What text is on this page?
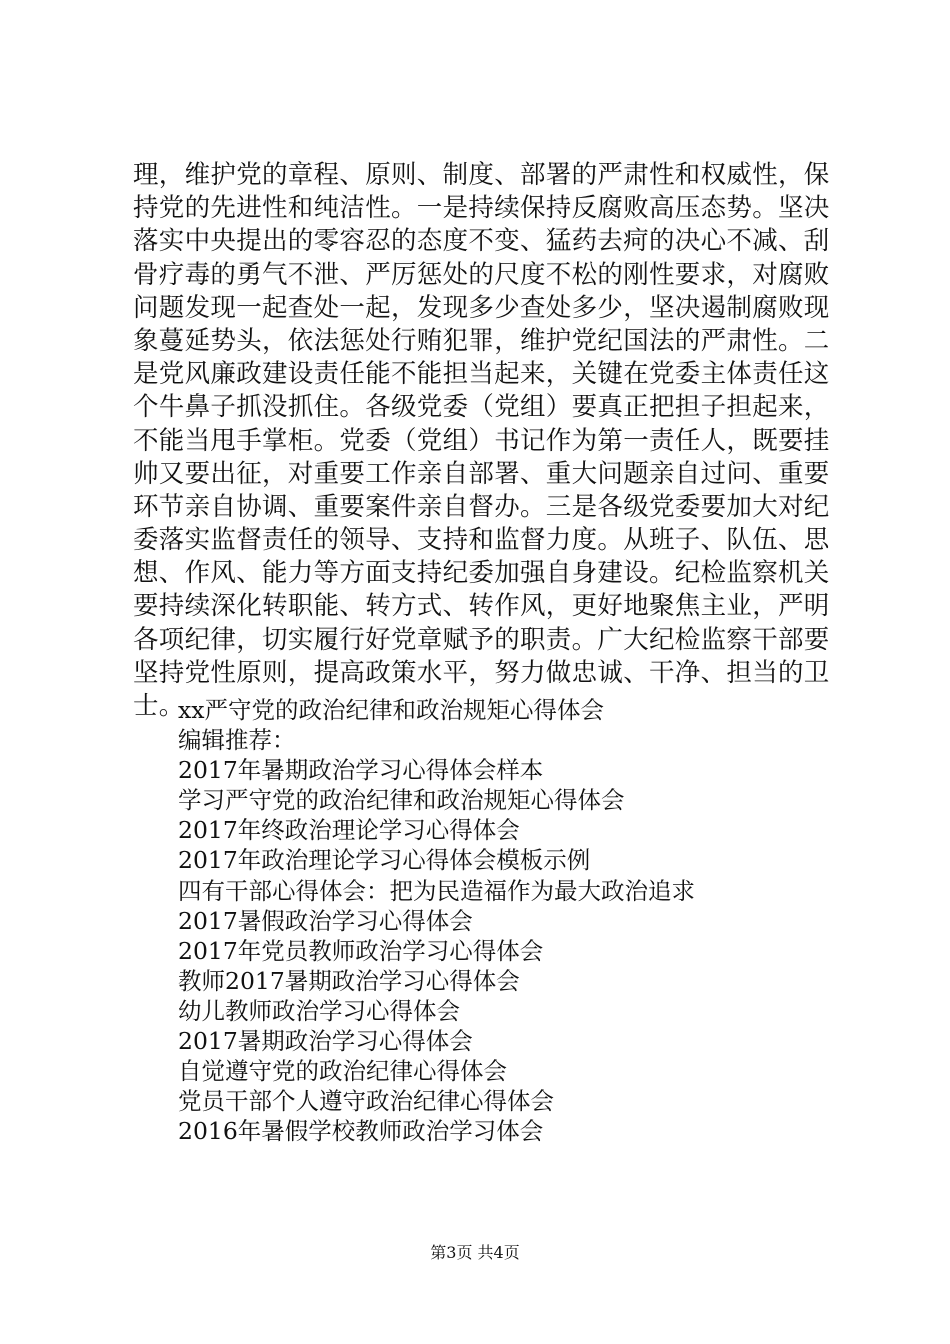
理，维护党的章程、原则、制度、部署的严肃性和权威性，保
持党的先进性和纯洁性。一是持续保持反腐败高压态势。坚决
落实中央提出的零容忍的态度不变、猛药去疴的决心不减、刮
骨疗毒的勇气不泄、严厉惩处的尺度不松的刚性要求，对腐败
问题发现一起查处一起，发现多少查处多少，坚决遏制腐败现
象蔓延势头，依法惩处行贿犯罪，维护党纪国法的严肃性。二
是党风廉政建设责任能不能担当起来，关键在党委主体责任这
个牛鼻子抓没抓住。各级党委（党组）要真正把担子担起来，
不能当甩手掌柜。党委（党组）书记作为第一责任人，既要挂
帅又要出征，对重要工作亲自部署、重大问题亲自过问、重要
环节亲自协调、重要案件亲自督办。三是各级党委要加大对纪
委落实监督责任的领导、支持和监督力度。从班子、队伍、思
想、作风、能力等方面支持纪委加强自身建设。纪检监察机关
要持续深化转职能、转方式、转作风，更好地聚焦主业，严明
各项纪律，切实履行好党章赋予的职责。广大纪检监察干部要
坚持党性原则，提高政策水平，努力做忠诚、干净、担当的卫
士。
xx严守党的政治纪律和政治规矩心得体会
编辑推荐：
2017年暑期政治学习心得体会样本
学习严守党的政治纪律和政治规矩心得体会
2017年终政治理论学习心得体会
2017年政治理论学习心得体会模板示例
四有干部心得体会：把为民造福作为最大政治追求
2017暑假政治学习心得体会
2017年党员教师政治学习心得体会
教师2017暑期政治学习心得体会
幼儿教师政治学习心得体会
2017暑期政治学习心得体会
自觉遵守党的政治纪律心得体会
党员干部个人遵守政治纪律心得体会
2016年暑假学校教师政治学习体会
第3页 共4页
